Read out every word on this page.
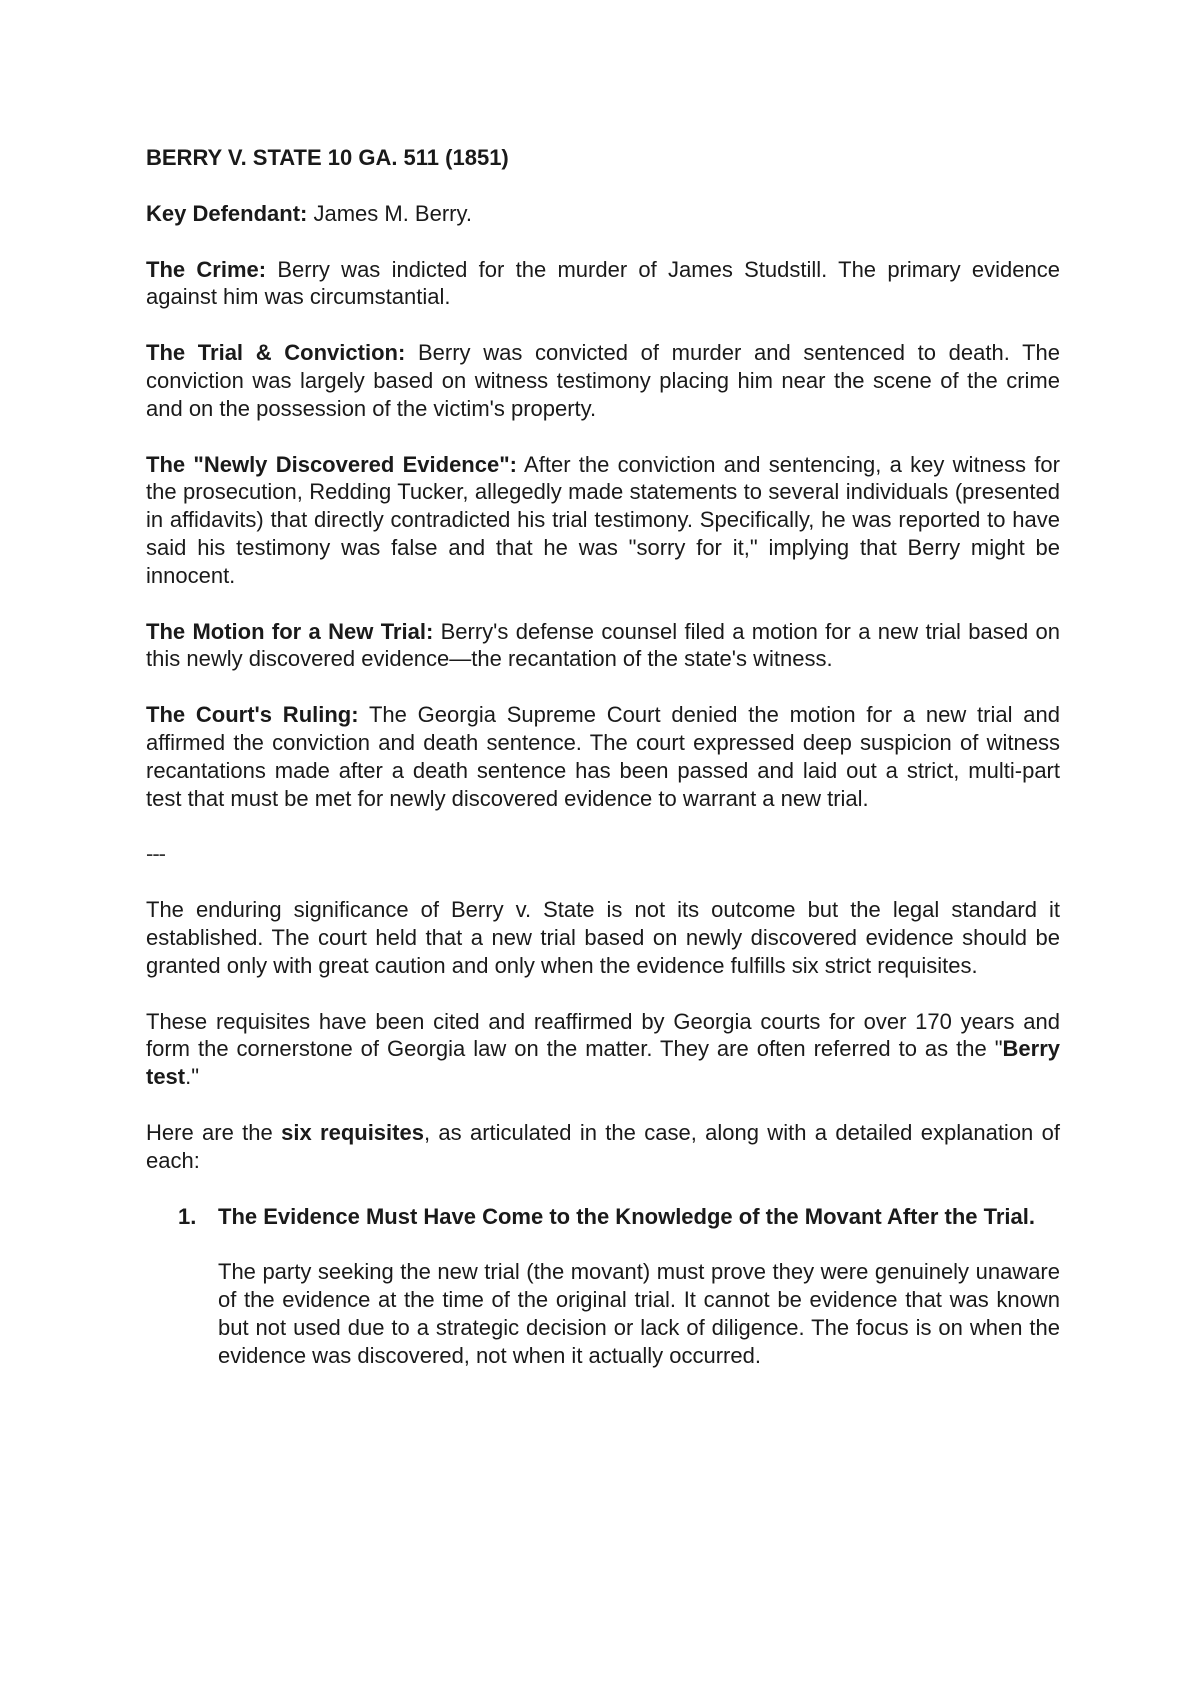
BERRY V. STATE 10 GA. 511 (1851)

Key Defendant: James M. Berry.

The Crime: Berry was indicted for the murder of James Studstill. The primary evidence against him was circumstantial.

The Trial & Conviction: Berry was convicted of murder and sentenced to death. The conviction was largely based on witness testimony placing him near the scene of the crime and on the possession of the victim's property.

The "Newly Discovered Evidence": After the conviction and sentencing, a key witness for the prosecution, Redding Tucker, allegedly made statements to several individuals (presented in affidavits) that directly contradicted his trial testimony. Specifically, he was reported to have said his testimony was false and that he was "sorry for it," implying that Berry might be innocent.

The Motion for a New Trial: Berry's defense counsel filed a motion for a new trial based on this newly discovered evidence—the recantation of the state's witness.

The Court's Ruling: The Georgia Supreme Court denied the motion for a new trial and affirmed the conviction and death sentence. The court expressed deep suspicion of witness recantations made after a death sentence has been passed and laid out a strict, multi-part test that must be met for newly discovered evidence to warrant a new trial.

---

The enduring significance of Berry v. State is not its outcome but the legal standard it established. The court held that a new trial based on newly discovered evidence should be granted only with great caution and only when the evidence fulfills six strict requisites.

These requisites have been cited and reaffirmed by Georgia courts for over 170 years and form the cornerstone of Georgia law on the matter. They are often referred to as the "Berry test."

Here are the six requisites, as articulated in the case, along with a detailed explanation of each:

1. The Evidence Must Have Come to the Knowledge of the Movant After the Trial.
The party seeking the new trial (the movant) must prove they were genuinely unaware of the evidence at the time of the original trial. It cannot be evidence that was known but not used due to a strategic decision or lack of diligence. The focus is on when the evidence was discovered, not when it actually occurred.
